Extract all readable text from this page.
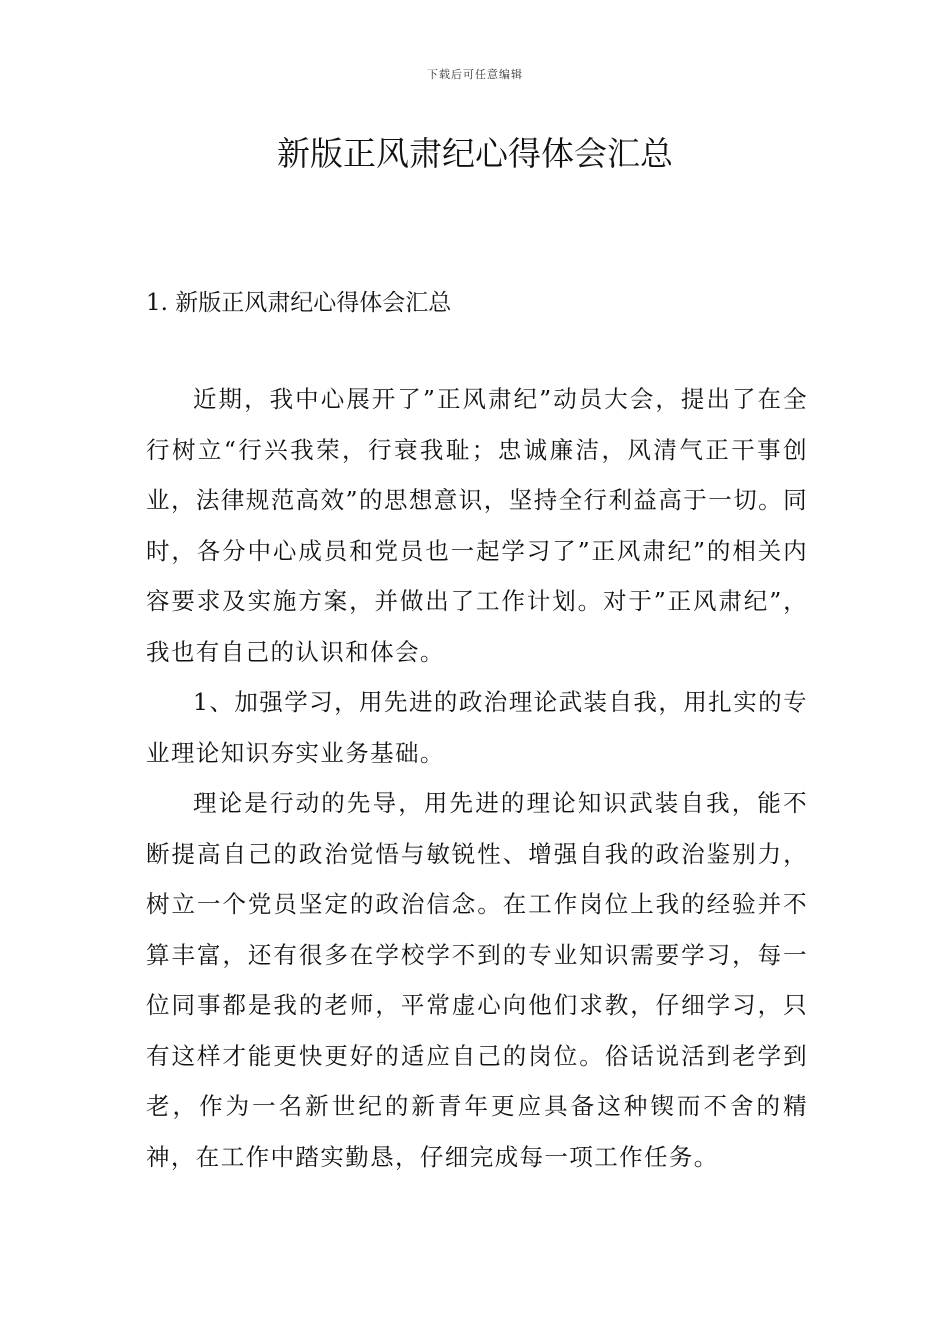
下载后可任意编辑
新版正风肃纪心得体会汇总
1. 新版正风肃纪心得体会汇总

近期，我中心展开了”正风肃纪”动员大会，提出了在全行树立“行兴我荣，行衰我耻；忠诚廉洁，风清气正干事创业，法律规范高效”的思想意识，坚持全行利益高于一切。同时，各分中心成员和党员也一起学习了”正风肃纪”的相关内容要求及实施方案，并做出了工作计划。对于”正风肃纪”，我也有自己的认识和体会。

1、加强学习，用先进的政治理论武装自我，用扎实的专业理论知识夯实业务基础。

理论是行动的先导，用先进的理论知识武装自我，能不断提高自己的政治觉悟与敏锐性、增强自我的政治鉴别力，树立一个党员坚定的政治信念。在工作岗位上我的经验并不算丰富，还有很多在学校学不到的专业知识需要学习，每一位同事都是我的老师，平常虚心向他们求教，仔细学习，只有这样才能更快更好的适应自己的岗位。俗话说活到老学到老，作为一名新世纪的新青年更应具备这种锲而不舍的精神，在工作中踏实勤恳，仔细完成每一项工作任务。
